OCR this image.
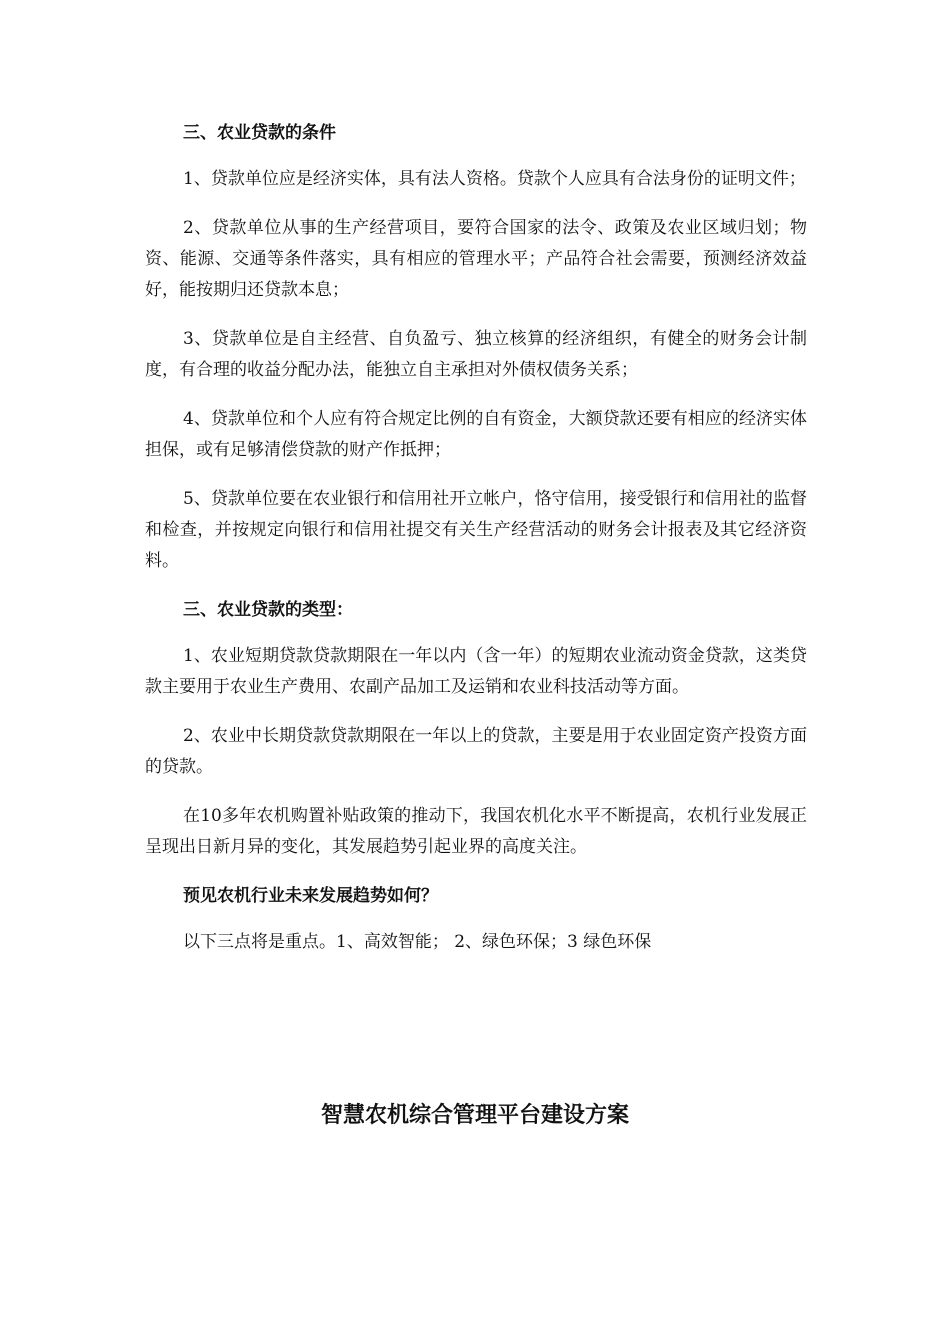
三、农业贷款的条件

1、贷款单位应是经济实体，具有法人资格。贷款个人应具有合法身份的证明文件；

2、贷款单位从事的生产经营项目，要符合国家的法令、政策及农业区域归划；物资、能源、交通等条件落实，具有相应的管理水平；产品符合社会需要，预测经济效益好，能按期归还贷款本息；

3、贷款单位是自主经营、自负盈亏、独立核算的经济组织，有健全的财务会计制度，有合理的收益分配办法，能独立自主承担对外债权债务关系；

4、贷款单位和个人应有符合规定比例的自有资金，大额贷款还要有相应的经济实体担保，或有足够清偿贷款的财产作抵押；

5、贷款单位要在农业银行和信用社开立帐户，恪守信用，接受银行和信用社的监督和检查，并按规定向银行和信用社提交有关生产经营活动的财务会计报表及其它经济资料。

三、农业贷款的类型：

1、农业短期贷款贷款期限在一年以内（含一年）的短期农业流动资金贷款，这类贷款主要用于农业生产费用、农副产品加工及运销和农业科技活动等方面。

2、农业中长期贷款贷款期限在一年以上的贷款，主要是用于农业固定资产投资方面的贷款。

在10多年农机购置补贴政策的推动下，我国农机化水平不断提高，农机行业发展正呈现出日新月异的变化，其发展趋势引起业界的高度关注。

预见农机行业未来发展趋势如何？

以下三点将是重点。1、高效智能； 2、绿色环保；3 绿色环保

智慧农机综合管理平台建设方案
